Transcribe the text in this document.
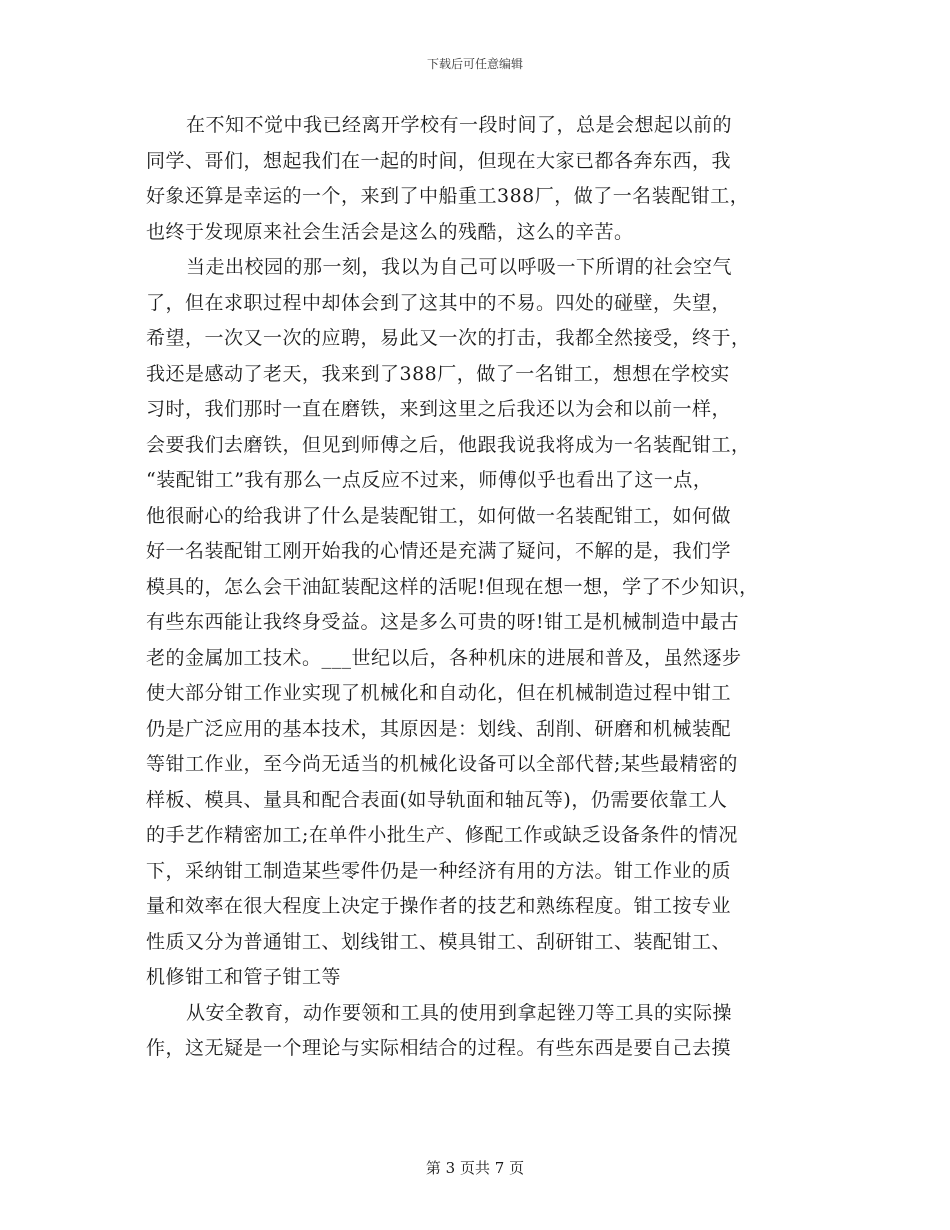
下载后可任意编辑
在不知不觉中我已经离开学校有一段时间了，总是会想起以前的
同学、哥们，想起我们在一起的时间，但现在大家已都各奔东西，我
好象还算是幸运的一个，来到了中船重工388厂，做了一名装配钳工，
也终于发现原来社会生活会是这么的残酷，这么的辛苦。
当走出校园的那一刻，我以为自己可以呼吸一下所谓的社会空气
了，但在求职过程中却体会到了这其中的不易。四处的碰壁，失望，
希望，一次又一次的应聘，易此又一次的打击，我都全然接受，终于，
我还是感动了老天，我来到了388厂，做了一名钳工，想想在学校实
习时，我们那时一直在磨铁，来到这里之后我还以为会和以前一样，
会要我们去磨铁，但见到师傅之后，他跟我说我将成为一名装配钳工，
“装配钳工”我有那么一点反应不过来，师傅似乎也看出了这一点，
他很耐心的给我讲了什么是装配钳工，如何做一名装配钳工，如何做
好一名装配钳工刚开始我的心情还是充满了疑问，不解的是，我们学
模具的，怎么会干油缸装配这样的活呢!但现在想一想，学了不少知识，
有些东西能让我终身受益。这是多么可贵的呀!钳工是机械制造中最古
老的金属加工技术。___世纪以后，各种机床的进展和普及，虽然逐步
使大部分钳工作业实现了机械化和自动化，但在机械制造过程中钳工
仍是广泛应用的基本技术，其原因是：划线、刮削、研磨和机械装配
等钳工作业，至今尚无适当的机械化设备可以全部代替;某些最精密的
样板、模具、量具和配合表面(如导轨面和轴瓦等)，仍需要依靠工人
的手艺作精密加工;在单件小批生产、修配工作或缺乏设备条件的情况
下，采纳钳工制造某些零件仍是一种经济有用的方法。钳工作业的质
量和效率在很大程度上决定于操作者的技艺和熟练程度。钳工按专业
性质又分为普通钳工、划线钳工、模具钳工、刮研钳工、装配钳工、
机修钳工和管子钳工等
从安全教育，动作要领和工具的使用到拿起锉刀等工具的实际操
作，这无疑是一个理论与实际相结合的过程。有些东西是要自己去摸
第 3 页共 7 页
